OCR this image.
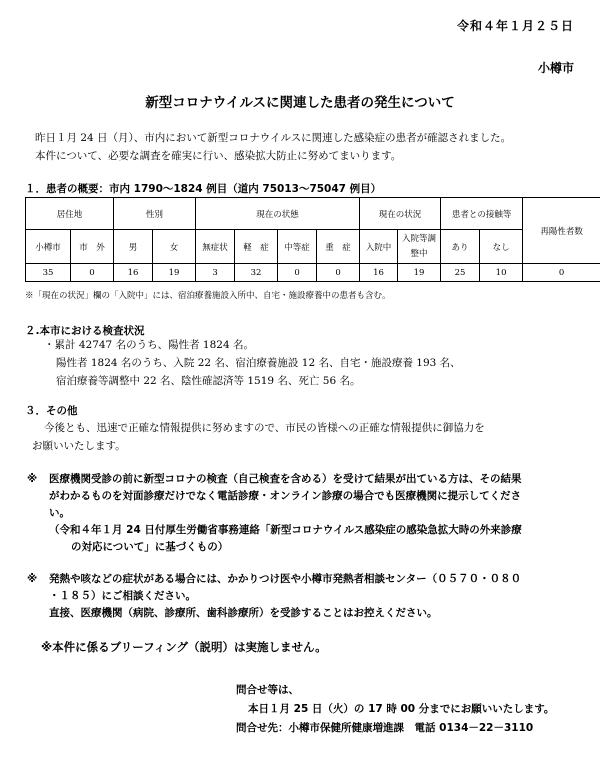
令和４年１月２５日
小樽市
新型コロナウイルスに関連した患者の発生について
昨日１月 24 日（月）、市内において新型コロナウイルスに関連した感染症の患者が確認されました。
本件について、必要な調査を確実に行い、感染拡大防止に努めてまいります。
１．患者の概要：市内 1790～1824 例目（道内 75013～75047 例目）
居住地		性別		現在の状態				現在の状況		患者との接触等		再陽性者数
小樽市	市　外	男	女	無症状	軽　症	中等症	重　症	入院中	入院等調整中	あり	なし	
35	0	16	19	3	32	0	0	16	19	25	10	0
※「現在の状況」欄の「入院中」には、宿泊療養施設入所中、自宅・施設療養中の患者も含む。
２.本市における検査状況
・累計 42747 名のうち、陽性者 1824 名。
陽性者 1824 名のうち、入院 22 名、宿泊療養施設 12 名、自宅・施設療養 193 名、
宿泊療養等調整中 22 名、陰性確認済等 1519 名、死亡 56 名。
３．その他
今後とも、迅速で正確な情報提供に努めますので、市民の皆様への正確な情報提供に御協力を
お願いいたします。
※ 医療機関受診の前に新型コロナの検査（自己検査を含める）を受けて結果が出ている方は、その結果
がわかるものを対面診療だけでなく電話診療・オンライン診療の場合でも医療機関に提示してくださ
い。
（令和４年１月 24 日付厚生労働省事務連絡「新型コロナウイルス感染症の感染急拡大時の外来診療
の対応について」に基づくもの）
※ 発熱や咳などの症状がある場合には、かかりつけ医や小樽市発熱者相談センター（０５７０・０８０
・１８５）にご相談ください。
直接、医療機関（病院、診療所、歯科診療所）を受診することはお控えください。
※本件に係るブリーフィング（説明）は実施しません。
問合せ等は、
本日１月 25 日（火）の 17 時 00 分までにお願いいたします。
問合せ先：小樽市保健所健康増進課　電話 0134－22－3110
